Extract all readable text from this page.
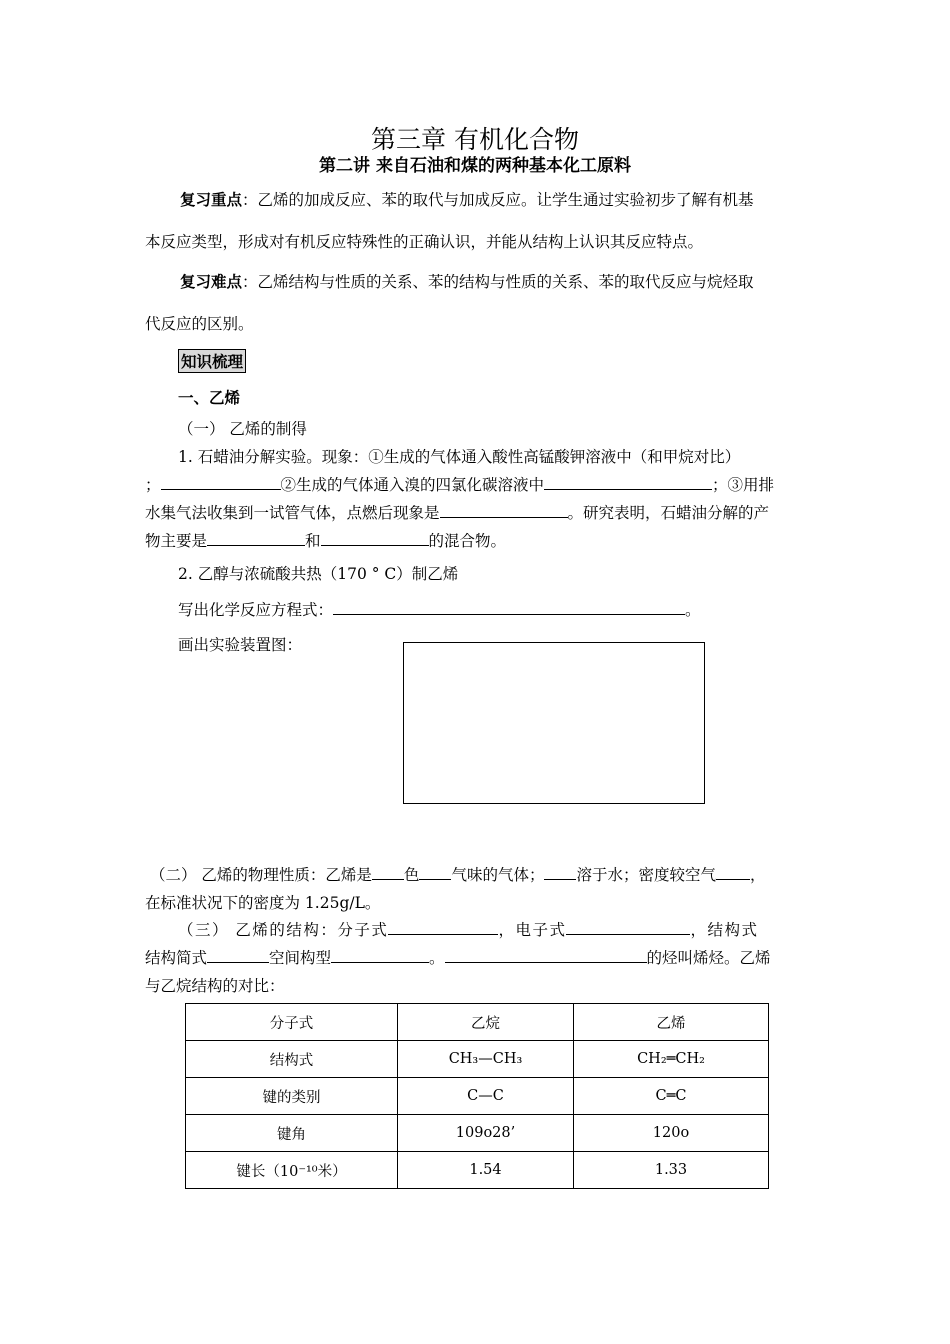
第三章 有机化合物
第二讲 来自石油和煤的两种基本化工原料
复习重点：乙烯的加成反应、苯的取代与加成反应。让学生通过实验初步了解有机基
本反应类型，形成对有机反应特殊性的正确认识，并能从结构上认识其反应特点。
复习难点：乙烯结构与性质的关系、苯的结构与性质的关系、苯的取代反应与烷烃取
代反应的区别。
知识梳理
一、乙烯
（一） 乙烯的制得
1. 石蜡油分解实验。现象：①生成的气体通入酸性高锰酸钾溶液中（和甲烷对比）
；	②生成的气体通入溴的四氯化碳溶液中	；③用排
水集气法收集到一试管气体，点燃后现象是	。研究表明，石蜡油分解的产
物主要是	和	的混合物。
2. 乙醇与浓硫酸共热（170 ° C）制乙烯
写出化学反应方程式：	。
画出实验装置图：
（二） 乙烯的物理性质：乙烯是 色 气味的气体； 溶于水；密度较空气 ，
在标准状况下的密度为 1.25g/L。
（三） 乙烯的结构：分子式	，电子式	，结构式
结构简式	空间构型	。	的烃叫烯烃。乙烯
与乙烷结构的对比：
分子式	乙烷	乙烯
结构式	CH₃—CH₃	CH₂═CH₂
键的类别	C—C	C═C
键角	109o28’	120o
键长（10⁻¹⁰米）	1.54	1.33
